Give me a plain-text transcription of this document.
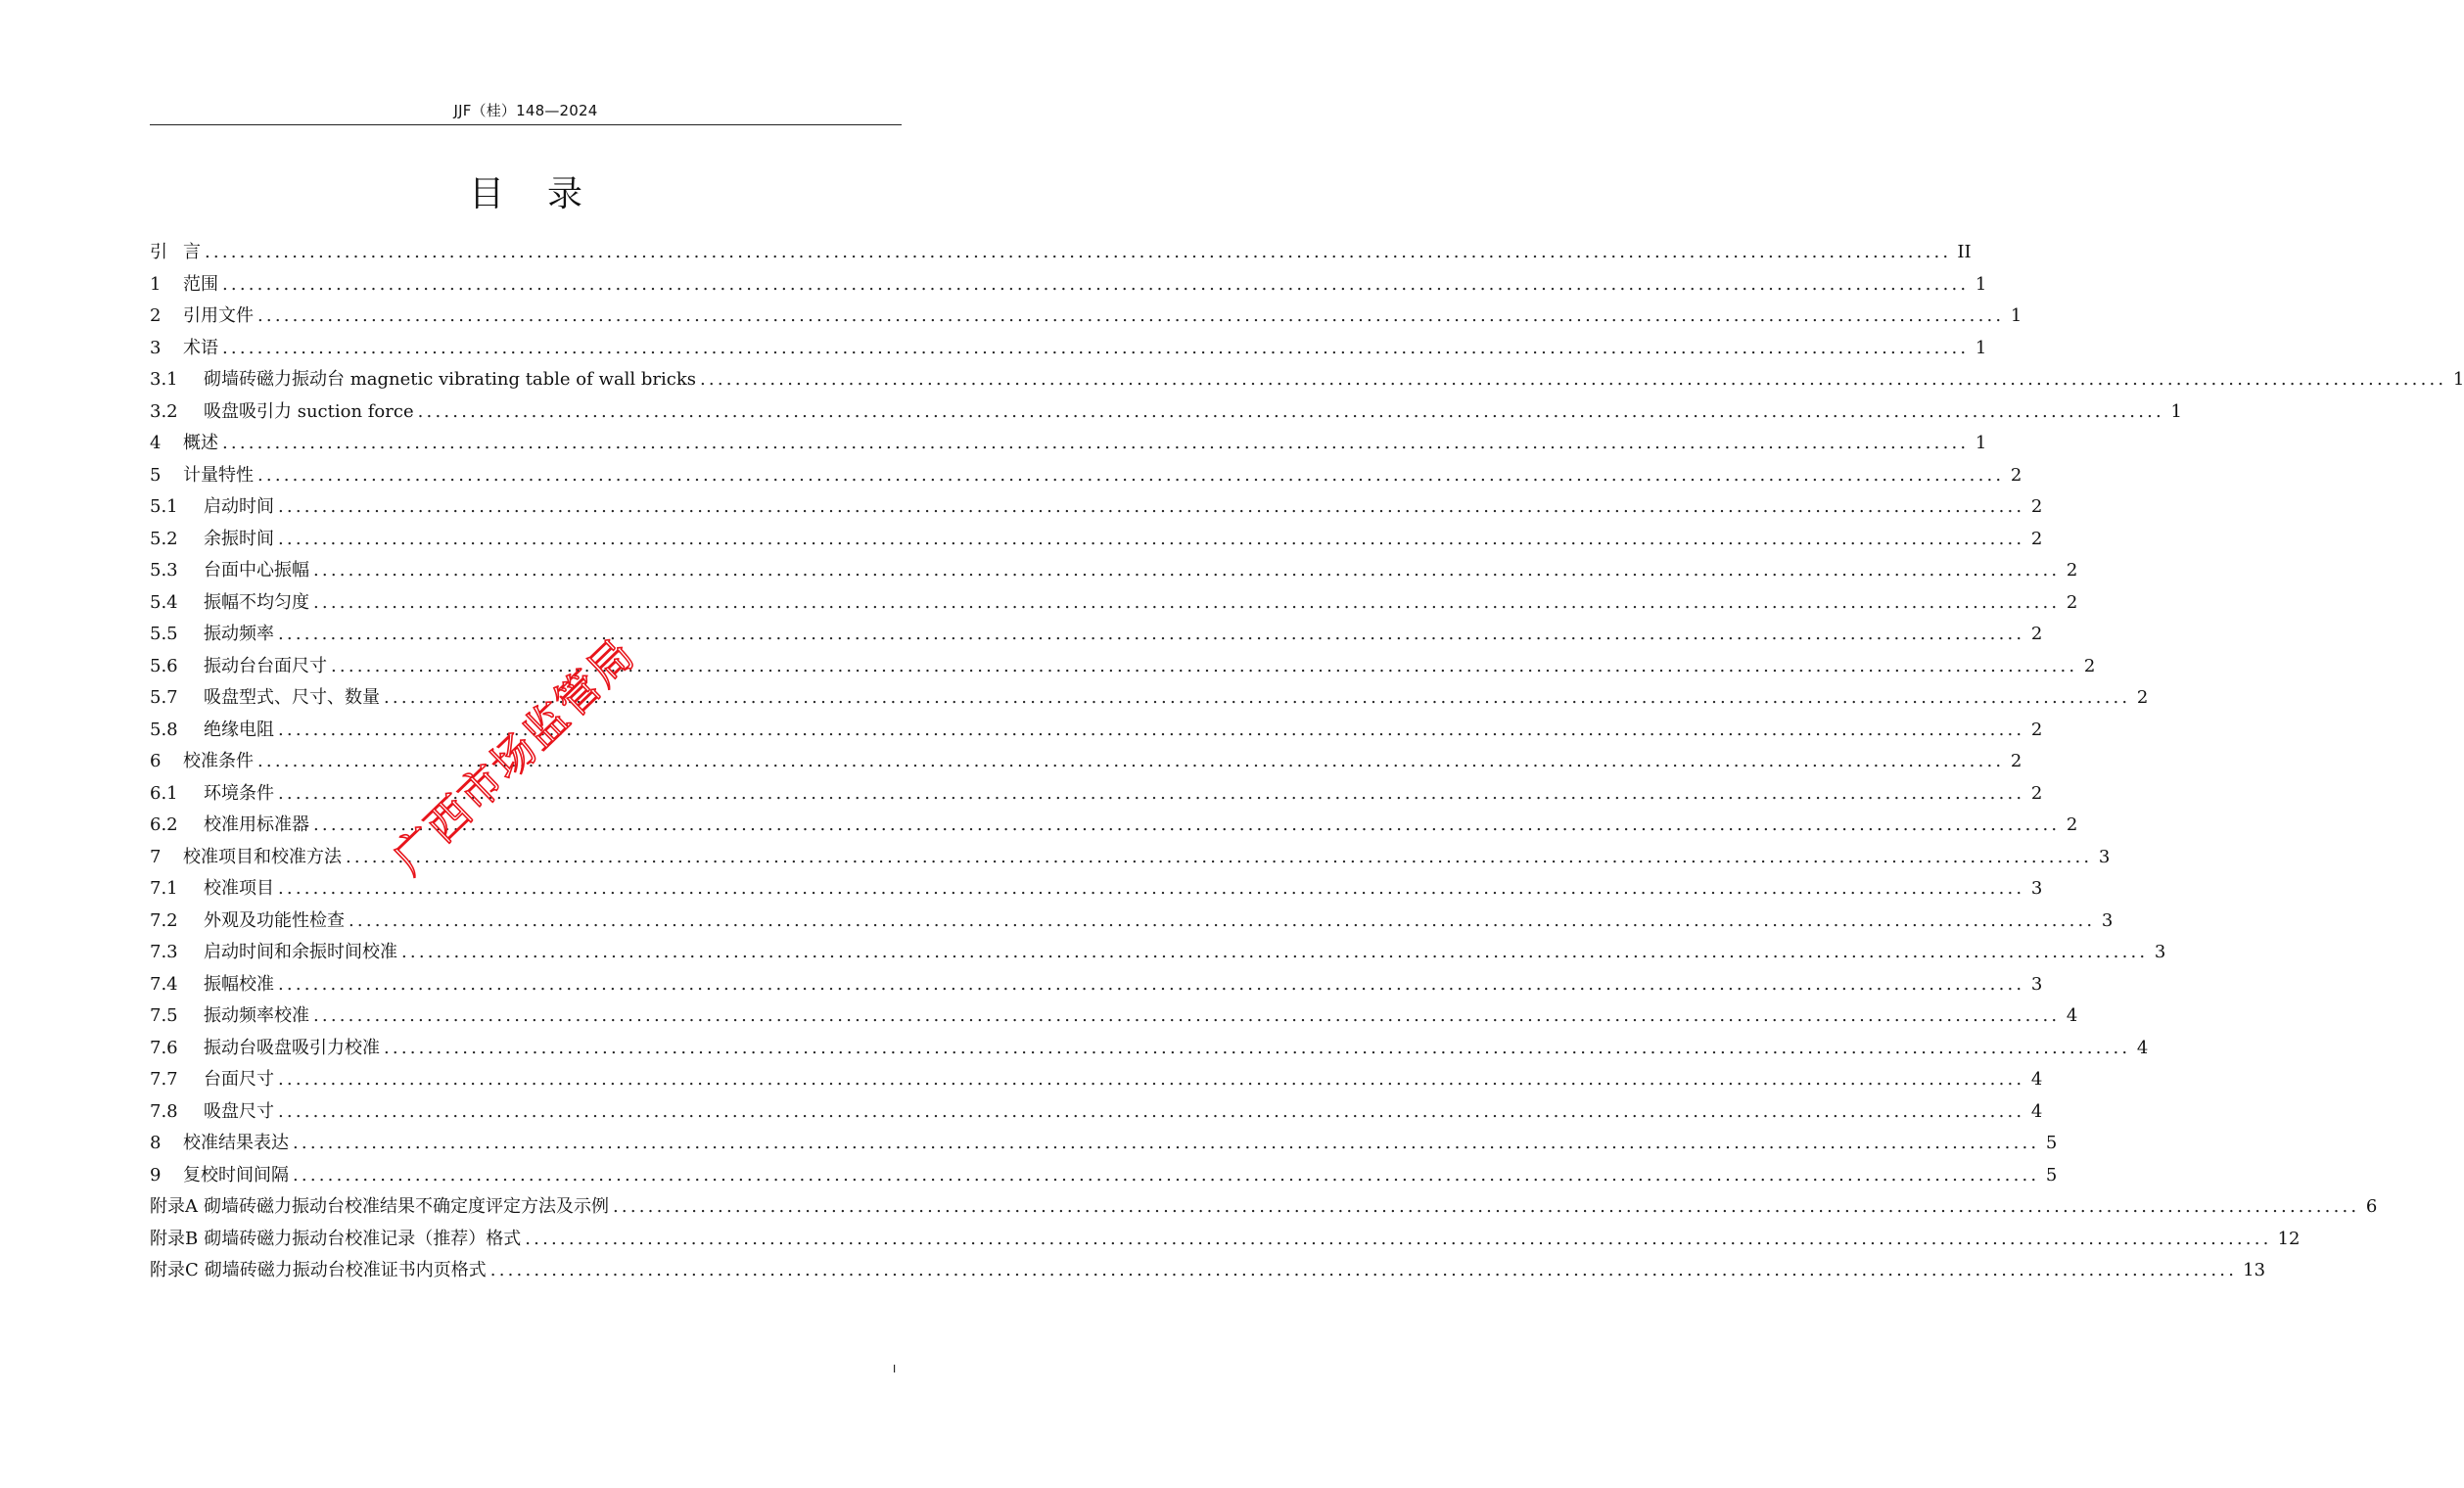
JJF（桂）148—2024
目录
引 言 ........................................................................................................................................................................................................ II
1	范围 ........................................................................................................................................................................................................ 1
2	引用文件 ........................................................................................................................................................................................................ 1
3	术语 ........................................................................................................................................................................................................ 1
3.1	砌墙砖磁力振动台 magnetic vibrating table of wall bricks ........................................................................................................................................................................................................ 1
3.2	吸盘吸引力 suction force ........................................................................................................................................................................................................ 1
4	概述 ........................................................................................................................................................................................................ 1
5	计量特性 ........................................................................................................................................................................................................ 2
5.1	启动时间 ........................................................................................................................................................................................................ 2
5.2	余振时间 ........................................................................................................................................................................................................ 2
5.3	台面中心振幅 ........................................................................................................................................................................................................ 2
5.4	振幅不均匀度 ........................................................................................................................................................................................................ 2
5.5	振动频率 ........................................................................................................................................................................................................ 2
5.6	振动台台面尺寸 ........................................................................................................................................................................................................ 2
5.7	吸盘型式、尺寸、数量 ........................................................................................................................................................................................................ 2
5.8	绝缘电阻 ........................................................................................................................................................................................................ 2
6	校准条件 ........................................................................................................................................................................................................ 2
6.1	环境条件 ........................................................................................................................................................................................................ 2
6.2	校准用标准器 ........................................................................................................................................................................................................ 2
7	校准项目和校准方法 ........................................................................................................................................................................................................ 3
7.1	校准项目 ........................................................................................................................................................................................................ 3
7.2	外观及功能性检查 ........................................................................................................................................................................................................ 3
7.3	启动时间和余振时间校准 ........................................................................................................................................................................................................ 3
7.4	振幅校准 ........................................................................................................................................................................................................ 3
7.5	振动频率校准 ........................................................................................................................................................................................................ 4
7.6	振动台吸盘吸引力校准 ........................................................................................................................................................................................................ 4
7.7	台面尺寸 ........................................................................................................................................................................................................ 4
7.8	吸盘尺寸 ........................................................................................................................................................................................................ 4
8	校准结果表达 ........................................................................................................................................................................................................ 5
9	复校时间间隔 ........................................................................................................................................................................................................ 5
附录A 砌墙砖磁力振动台校准结果不确定度评定方法及示例 ........................................................................................................................................................................................................ 6
附录B 砌墙砖磁力振动台校准记录（推荐）格式 ........................................................................................................................................................................................................ 12
附录C 砌墙砖磁力振动台校准证书内页格式 ........................................................................................................................................................................................................ 13
广西市场监管局
I
